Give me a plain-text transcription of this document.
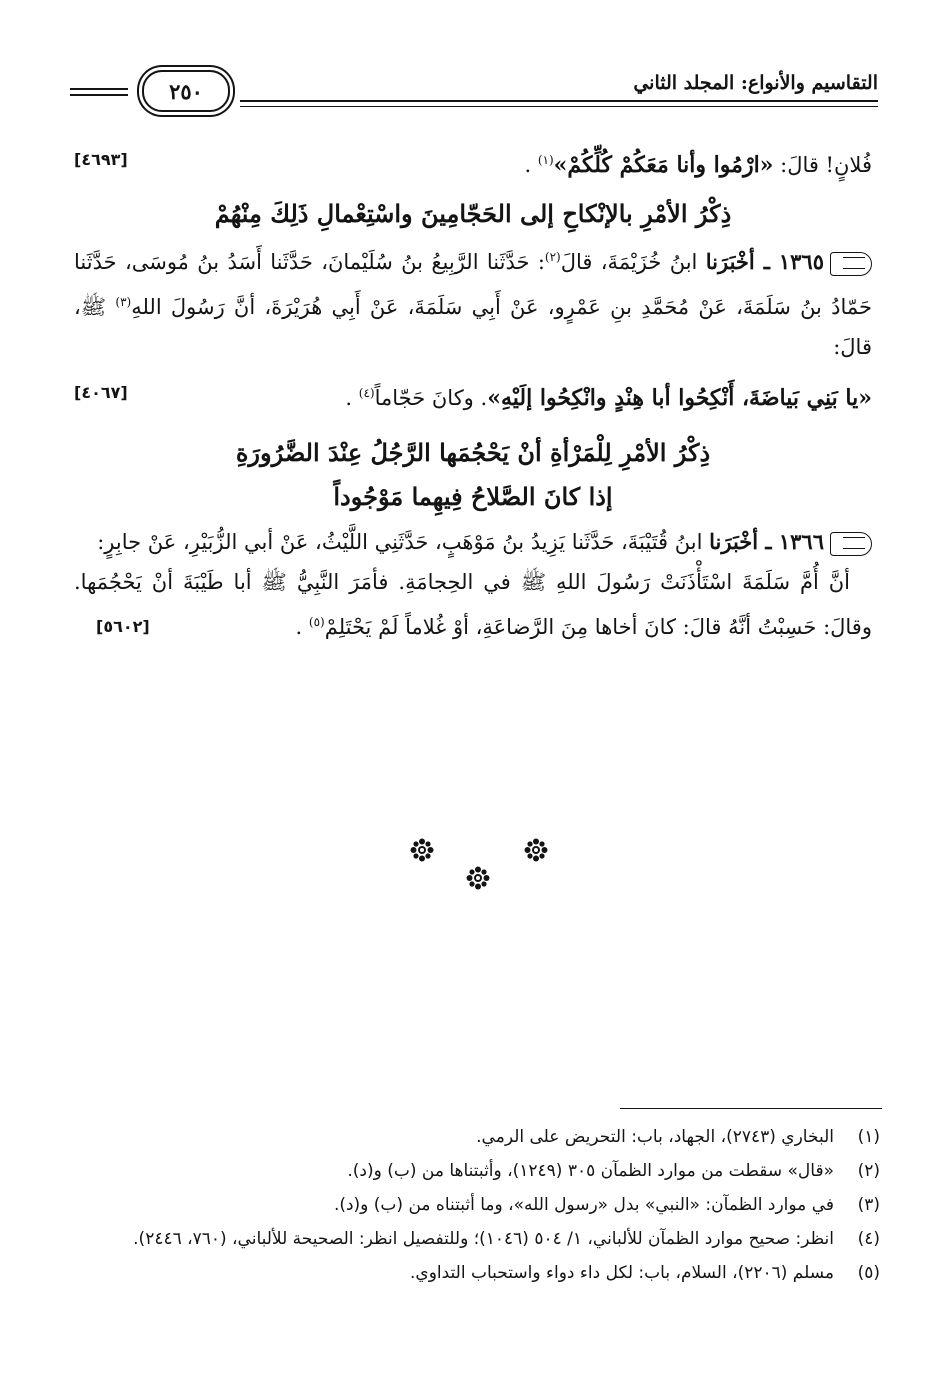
التقاسيم والأنواع: المجلد الثاني
٢٥٠
فُلانٍ! قالَ: «ارْمُوا وأنا مَعَكُمْ كُلِّكُمْ»$^{(١)}$ .
[٤٦٩٣]
ذِكْرُ الأمْرِ بالإنْكاحِ إلى الحَجّامِينَ واسْتِعْمالِ ذَلِكَ مِنْهُمْ
١٣٦٥ ـ أخْبَرَنا ابنُ خُزَيْمَةَ، قالَ$^{(٢)}$: حَدَّثَنا الرَّبِيعُ بنُ سُلَيْمانَ، حَدَّثَنا أَسَدُ بنُ مُوسَى، حَدَّثَنا حَمّادُ بنُ سَلَمَةَ، عَنْ مُحَمَّدِ بنِ عَمْرٍو، عَنْ أَبِي سَلَمَةَ، عَنْ أَبِي هُرَيْرَةَ، أنَّ رَسُولَ اللهِ$^{(٣)}$ ﷺ، قالَ:
«يا بَنِي بَياضَةَ، أَنْكِحُوا أبا هِنْدٍ وانْكِحُوا إلَيْهِ». وكانَ حَجّاماً$^{(٤)}$ .
[٤٠٦٧]
ذِكْرُ الأمْرِ لِلْمَرْأةِ أنْ يَحْجُمَها الرَّجُلُ عِنْدَ الضَّرُورَةِ
إذا كانَ الصَّلاحُ فِيهِما مَوْجُوداً
١٣٦٦ ـ أخْبَرَنا ابنُ قُتَيْبَةَ، حَدَّثَنا يَزِيدُ بنُ مَوْهَبٍ، حَدَّثَنِي اللَّيْثُ، عَنْ أبي الزُّبَيْرِ، عَنْ جابِرٍ:
أنَّ أُمَّ سَلَمَةَ اسْتَأْذَنَتْ رَسُولَ اللهِ ﷺ في الحِجامَةِ. فأمَرَ النَّبِيُّ ﷺ أبا طَيْبَةَ أنْ يَحْجُمَها. وقالَ: حَسِبْتُ أنَّهُ قالَ: كانَ أخاها مِنَ الرَّضاعَةِ، أوْ غُلاماً لَمْ يَحْتَلِمْ$^{(٥)}$ .
[٥٦٠٢]
(١)
البخاري (٢٧٤٣)، الجهاد، باب: التحريض على الرمي.
(٢)
«قال» سقطت من موارد الظمآن ٣٠٥ (١٢٤٩)، وأثبتناها من (ب) و(د).
(٣)
في موارد الظمآن: «النبي» بدل «رسول الله»، وما أثبتناه من (ب) و(د).
(٤)
انظر: صحيح موارد الظمآن للألباني، ١/ ٥٠٤ (١٠٤٦)؛ وللتفصيل انظر: الصحيحة للألباني، (٧٦٠، ٢٤٤٦).
(٥)
مسلم (٢٢٠٦)، السلام، باب: لكل داء دواء واستحباب التداوي.
